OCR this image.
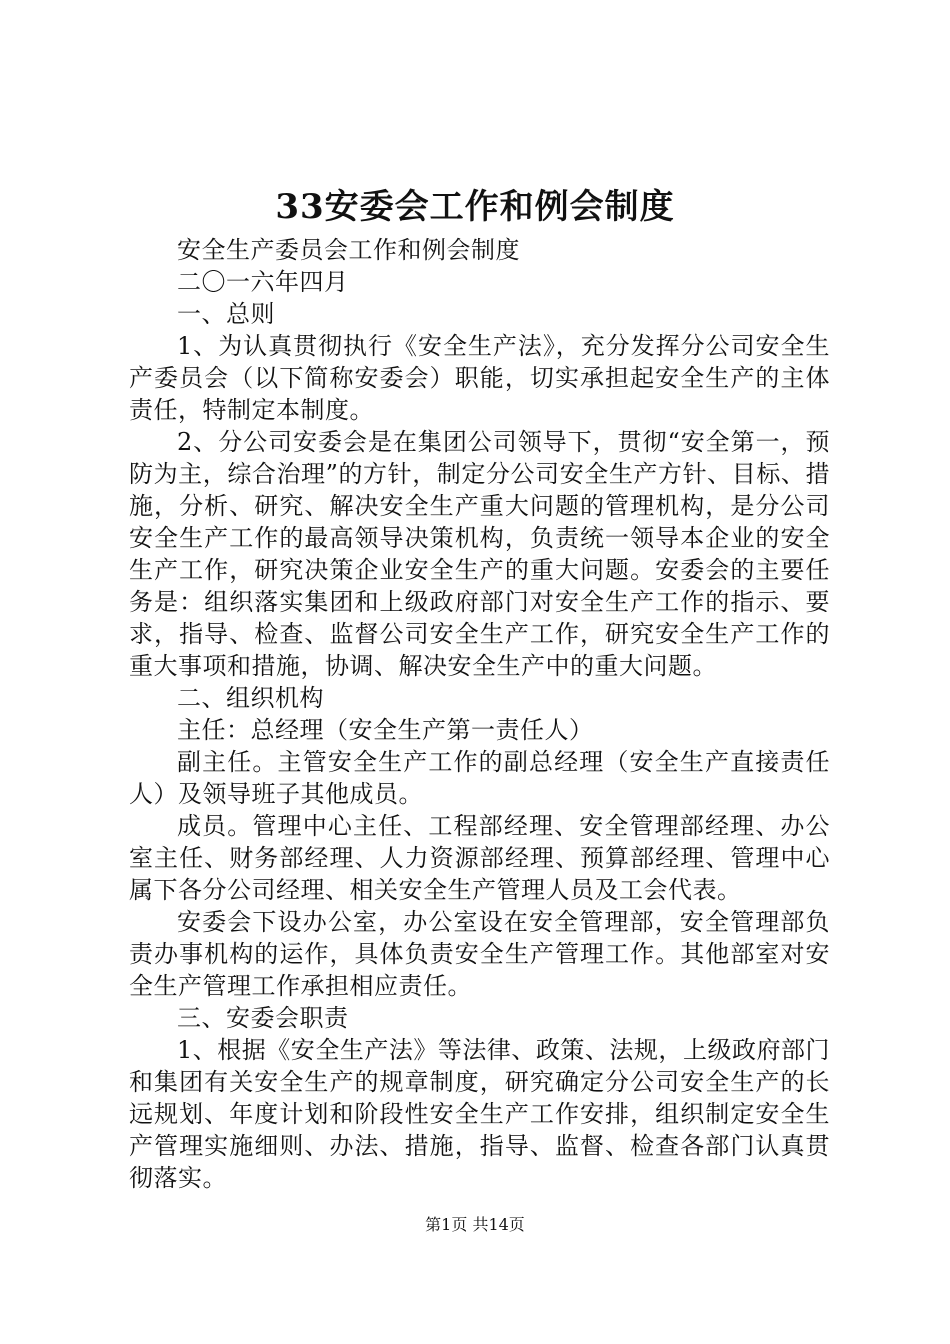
33安委会工作和例会制度

安全生产委员会工作和例会制度

二〇一六年四月

一、总则

1、为认真贯彻执行《安全生产法》，充分发挥分公司安全生产委员会（以下简称安委会）职能，切实承担起安全生产的主体责任，特制定本制度。

2、分公司安委会是在集团公司领导下，贯彻“安全第一，预防为主，综合治理”的方针，制定分公司安全生产方针、目标、措施，分析、研究、解决安全生产重大问题的管理机构，是分公司安全生产工作的最高领导决策机构，负责统一领导本企业的安全生产工作，研究决策企业安全生产的重大问题。安委会的主要任务是：组织落实集团和上级政府部门对安全生产工作的指示、要求，指导、检查、监督公司安全生产工作，研究安全生产工作的重大事项和措施，协调、解决安全生产中的重大问题。

二、组织机构

主任：总经理（安全生产第一责任人）

副主任。主管安全生产工作的副总经理（安全生产直接责任人）及领导班子其他成员。

成员。管理中心主任、工程部经理、安全管理部经理、办公室主任、财务部经理、人力资源部经理、预算部经理、管理中心属下各分公司经理、相关安全生产管理人员及工会代表。

安委会下设办公室，办公室设在安全管理部，安全管理部负责办事机构的运作，具体负责安全生产管理工作。其他部室对安全生产管理工作承担相应责任。

三、安委会职责

1、根据《安全生产法》等法律、政策、法规，上级政府部门和集团有关安全生产的规章制度，研究确定分公司安全生产的长远规划、年度计划和阶段性安全生产工作安排，组织制定安全生产管理实施细则、办法、措施，指导、监督、检查各部门认真贯彻落实。

第1页 共14页
